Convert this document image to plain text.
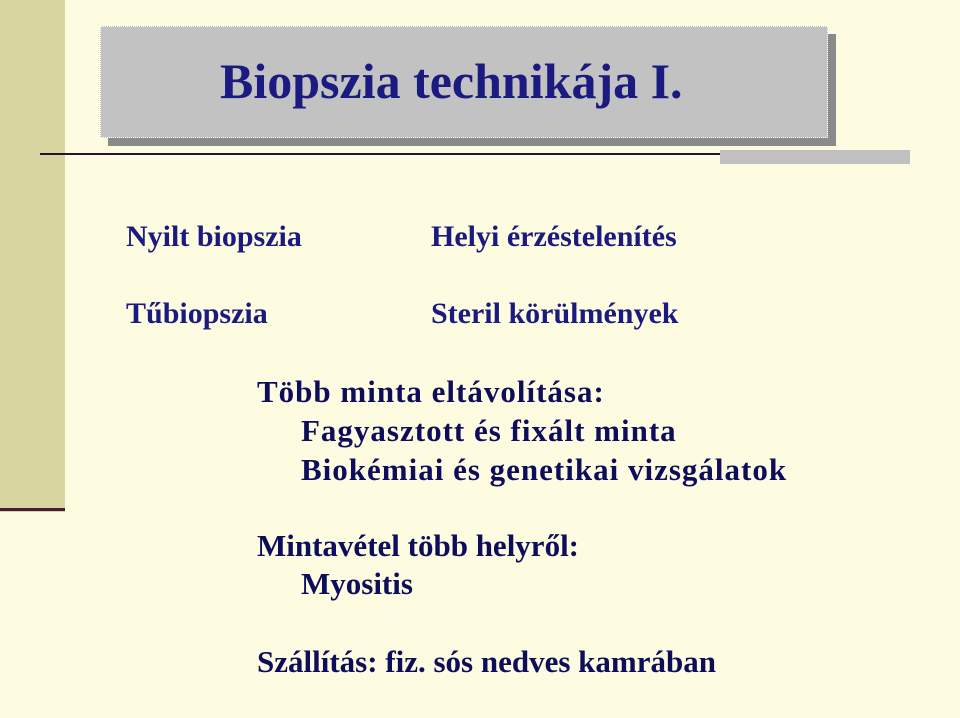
Biopszia technikája I.
Nyilt biopszia
Tűbiopszia
Helyi érzéstelenítés
Steril körülmények
Több minta eltávolítása:
Fagyasztott és fixált minta
Biokémiai és genetikai vizsgálatok
Mintavétel több helyről:
Myositis
Szállítás: fiz. sós nedves kamrában
